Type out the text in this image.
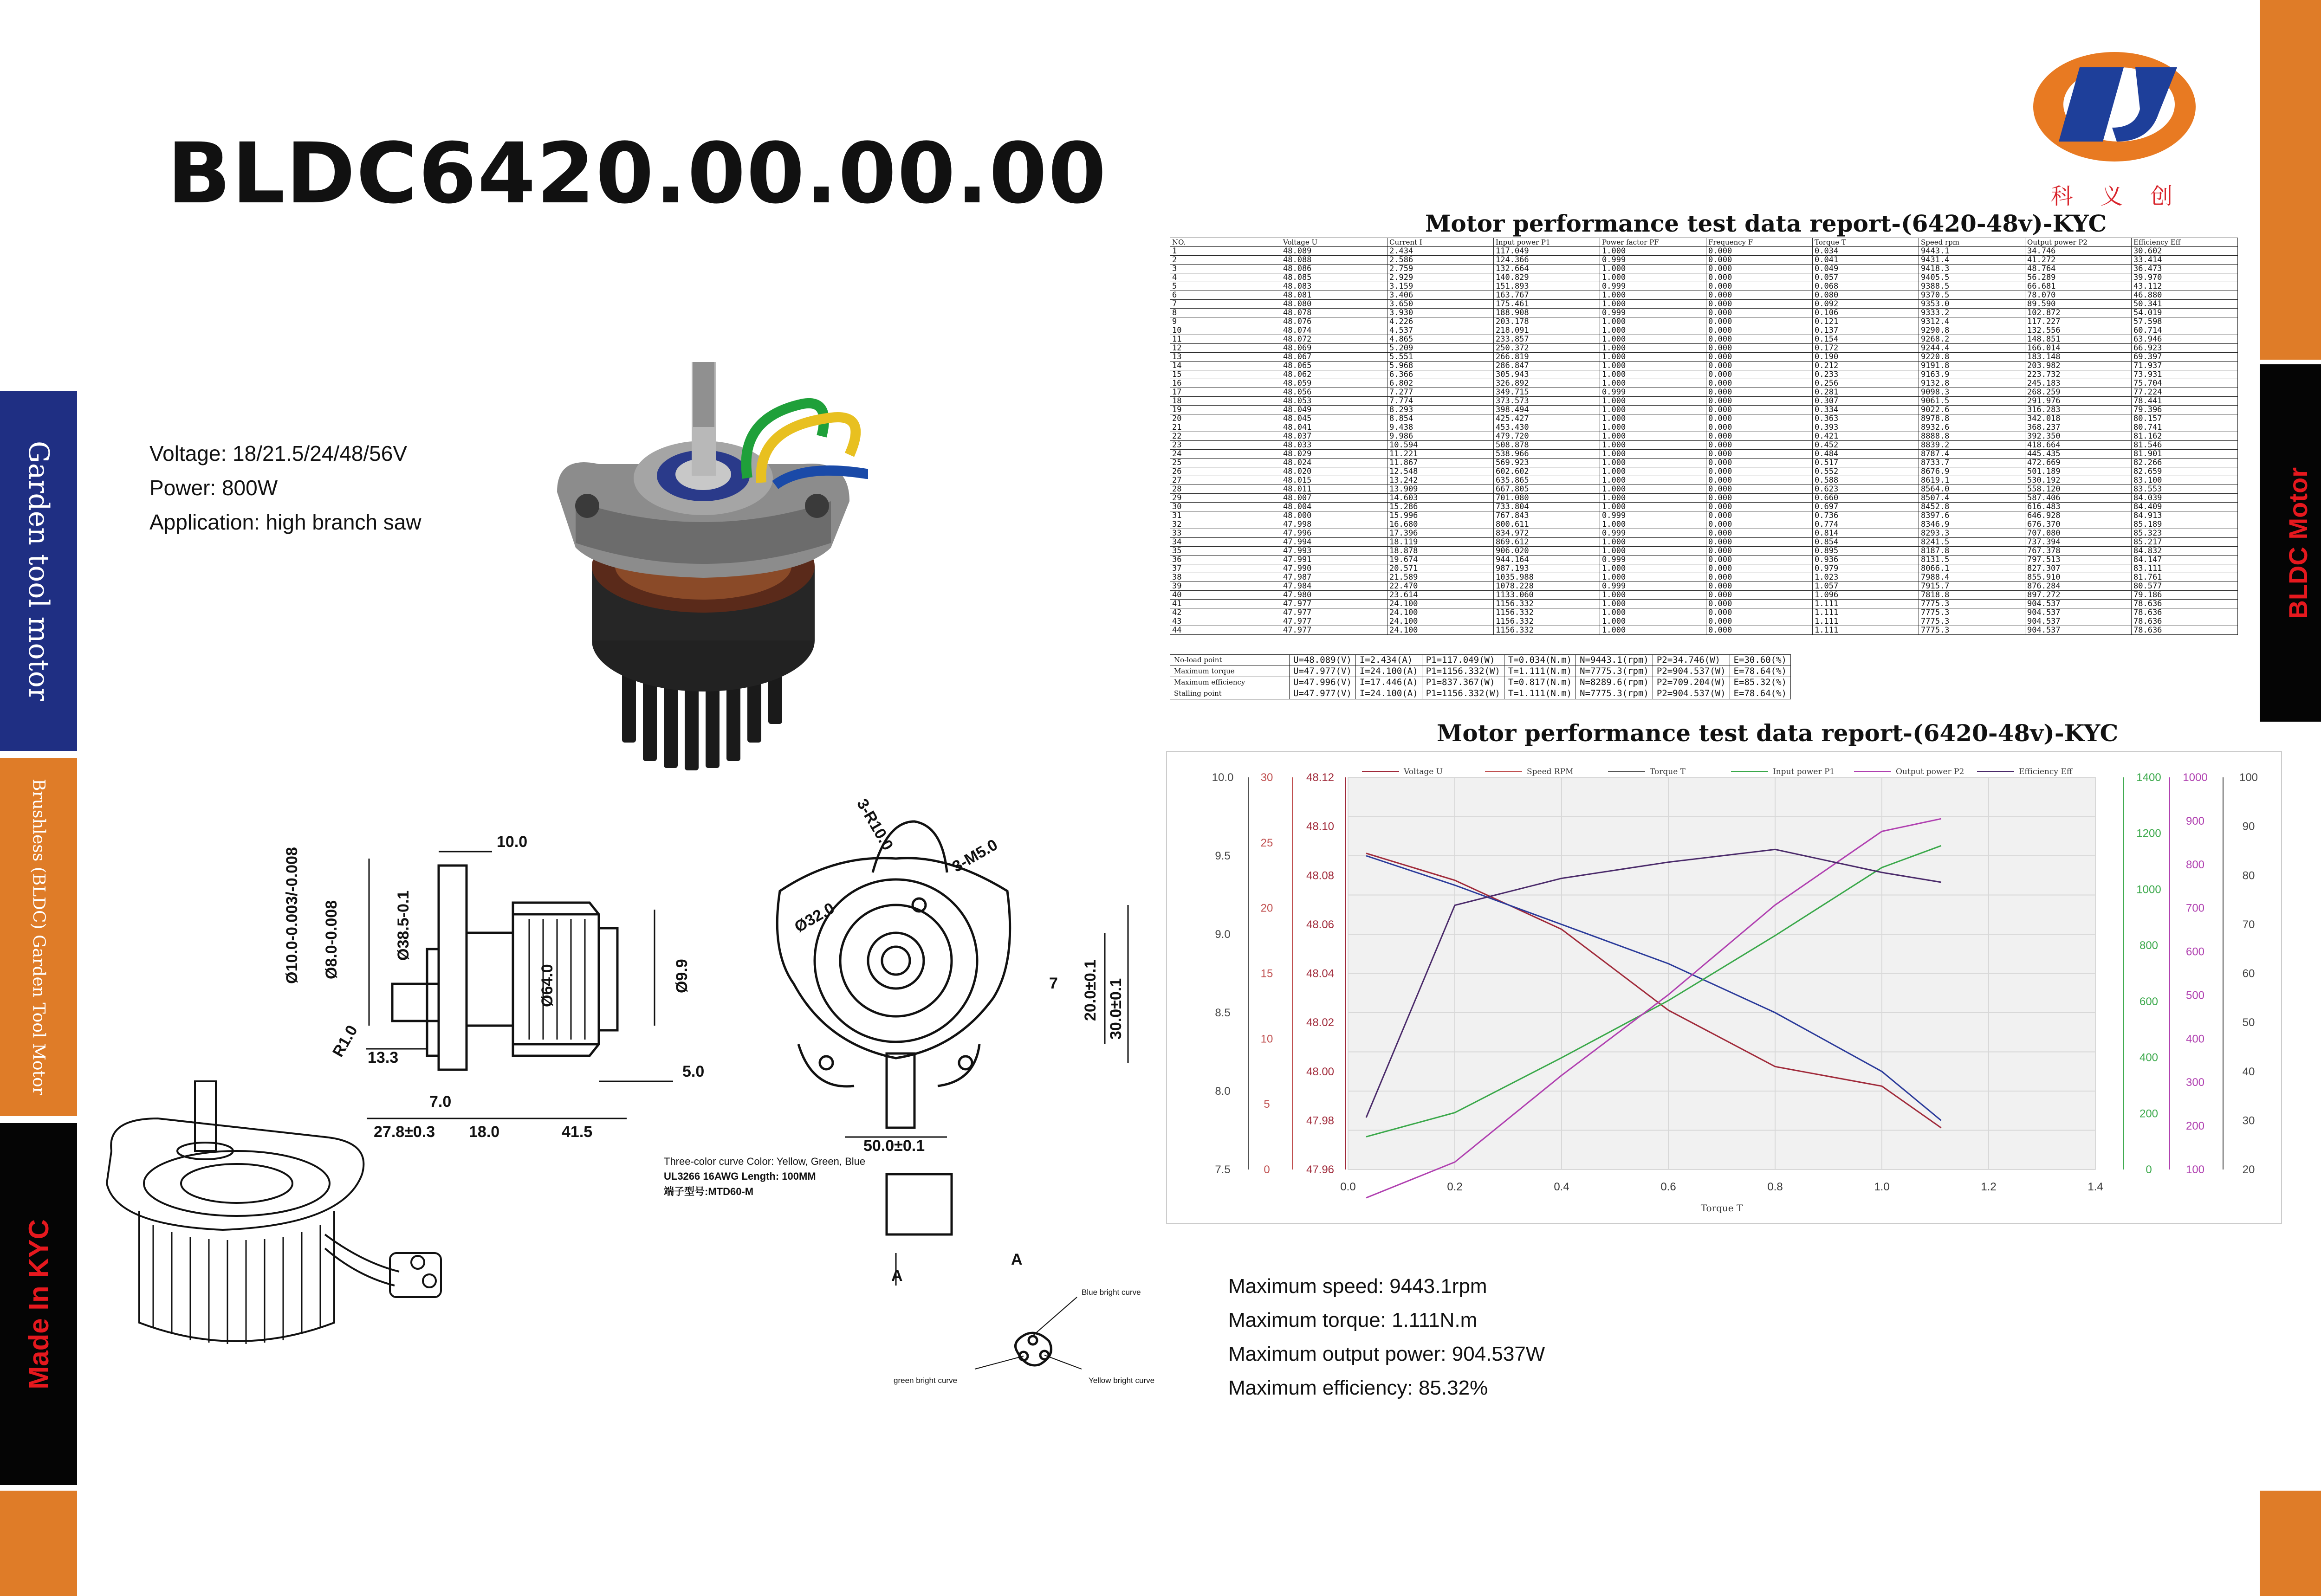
Garden tool motor
Brushless (BLDC) Garden Tool Motor
Made In KYC
BLDC Motor
科 义 创
BLDC6420.00.00.00
Voltage: 18/21.5/24/48/56V
Power: 800W
Application: high branch saw
Motor performance test data report-(6420-48v)-KYC
NO.	Voltage U	Current I	Input power P1	Power factor PF	Frequency F	Torque T	Speed rpm	Output power P2	Efficiency Eff
1	48.089	2.434	117.049	1.000	0.000	0.034	9443.1	34.746	30.602
2	48.088	2.586	124.366	0.999	0.000	0.041	9431.4	41.272	33.414
3	48.086	2.759	132.664	1.000	0.000	0.049	9418.3	48.764	36.473
4	48.085	2.929	140.829	1.000	0.000	0.057	9405.5	56.289	39.970
5	48.083	3.159	151.893	0.999	0.000	0.068	9388.5	66.681	43.112
6	48.081	3.406	163.767	1.000	0.000	0.080	9370.5	78.070	46.880
7	48.080	3.650	175.461	1.000	0.000	0.092	9353.0	89.590	50.341
8	48.078	3.930	188.908	0.999	0.000	0.106	9333.2	102.872	54.019
9	48.076	4.226	203.178	1.000	0.000	0.121	9312.4	117.227	57.598
10	48.074	4.537	218.091	1.000	0.000	0.137	9290.8	132.556	60.714
11	48.072	4.865	233.857	1.000	0.000	0.154	9268.2	148.851	63.946
12	48.069	5.209	250.372	1.000	0.000	0.172	9244.4	166.014	66.923
13	48.067	5.551	266.819	1.000	0.000	0.190	9220.8	183.148	69.397
14	48.065	5.968	286.847	1.000	0.000	0.212	9191.8	203.982	71.937
15	48.062	6.366	305.943	1.000	0.000	0.233	9163.9	223.732	73.931
16	48.059	6.802	326.892	1.000	0.000	0.256	9132.8	245.183	75.704
17	48.056	7.277	349.715	0.999	0.000	0.281	9098.3	268.259	77.224
18	48.053	7.774	373.573	1.000	0.000	0.307	9061.5	291.976	78.441
19	48.049	8.293	398.494	1.000	0.000	0.334	9022.6	316.283	79.396
20	48.045	8.854	425.427	1.000	0.000	0.363	8978.8	342.018	80.157
21	48.041	9.438	453.430	1.000	0.000	0.393	8932.6	368.237	80.741
22	48.037	9.986	479.720	1.000	0.000	0.421	8888.8	392.350	81.162
23	48.033	10.594	508.878	1.000	0.000	0.452	8839.2	418.664	81.546
24	48.029	11.221	538.966	1.000	0.000	0.484	8787.4	445.435	81.901
25	48.024	11.867	569.923	1.000	0.000	0.517	8733.7	472.669	82.266
26	48.020	12.548	602.602	1.000	0.000	0.552	8676.9	501.189	82.659
27	48.015	13.242	635.865	1.000	0.000	0.588	8619.1	530.192	83.100
28	48.011	13.909	667.805	1.000	0.000	0.623	8564.0	558.120	83.553
29	48.007	14.603	701.080	1.000	0.000	0.660	8507.4	587.406	84.039
30	48.004	15.286	733.804	1.000	0.000	0.697	8452.8	616.483	84.409
31	48.000	15.996	767.843	0.999	0.000	0.736	8397.6	646.928	84.913
32	47.998	16.680	800.611	1.000	0.000	0.774	8346.9	676.370	85.189
33	47.996	17.396	834.972	0.999	0.000	0.814	8293.3	707.080	85.323
34	47.994	18.119	869.612	1.000	0.000	0.854	8241.5	737.394	85.217
35	47.993	18.878	906.020	1.000	0.000	0.895	8187.8	767.378	84.832
36	47.991	19.674	944.164	0.999	0.000	0.936	8131.5	797.513	84.147
37	47.990	20.571	987.193	1.000	0.000	0.979	8066.1	827.307	83.111
38	47.987	21.589	1035.988	1.000	0.000	1.023	7988.4	855.910	81.761
39	47.984	22.470	1078.228	0.999	0.000	1.057	7915.7	876.284	80.577
40	47.980	23.614	1133.060	1.000	0.000	1.096	7818.8	897.272	79.186
41	47.977	24.100	1156.332	1.000	0.000	1.111	7775.3	904.537	78.636
42	47.977	24.100	1156.332	1.000	0.000	1.111	7775.3	904.537	78.636
43	47.977	24.100	1156.332	1.000	0.000	1.111	7775.3	904.537	78.636
44	47.977	24.100	1156.332	1.000	0.000	1.111	7775.3	904.537	78.636
No-load point	U=48.089(V)	I=2.434(A)	P1=117.049(W)	T=0.034(N.m)	N=9443.1(rpm)	P2=34.746(W)	E=30.60(%)
Maximum torque	U=47.977(V)	I=24.100(A)	P1=1156.332(W)	T=1.111(N.m)	N=7775.3(rpm)	P2=904.537(W)	E=78.64(%)
Maximum efficiency	U=47.996(V)	I=17.446(A)	P1=837.367(W)	T=0.817(N.m)	N=8289.6(rpm)	P2=709.204(W)	E=85.32(%)
Stalling point	U=47.977(V)	I=24.100(A)	P1=1156.332(W)	T=1.111(N.m)	N=7775.3(rpm)	P2=904.537(W)	E=78.64(%)
Motor performance test data report-(6420-48v)-KYC
0.0	0.2	0.4	0.6	0.8	1.0	1.2	1.4
Torque T
7.5
8.0
8.5
9.0
9.5
10.0
0
5
10
15
20
25
30
47.96
47.98
48.00
48.02
48.04
48.06
48.08
48.10
48.12
0
200
400
600
800
1000
1200
1400
100
200
300
400
500
600
700
800
900
1000
20
30
40
50
60
70
80
90
100
Voltage U	Speed RPM	Torque T	Input power P1	Output power P2	Efficiency Eff
10.0
Ø38.5-0.1
Ø10.0-0.003/-0.008 Ø8.0-0.008
R1.0 13.3
7.0
27.8±0.3 18.0	41.5
Ø64.0	Ø9.9
5.0
3-R10.0
3-M5.0
Ø32.0
20.0±0.1 30.0±0.1
7
50.0±0.1
A
A
Three-color curve Color: Yellow, Green, Blue
UL3266 16AWG Length: 100MM
端子型号:MTD60-M
Blue bright curve
green bright curve	Yellow bright curve
Maximum speed: 9443.1rpm
Maximum torque: 1.111N.m
Maximum output power: 904.537W
Maximum efficiency: 85.32%
